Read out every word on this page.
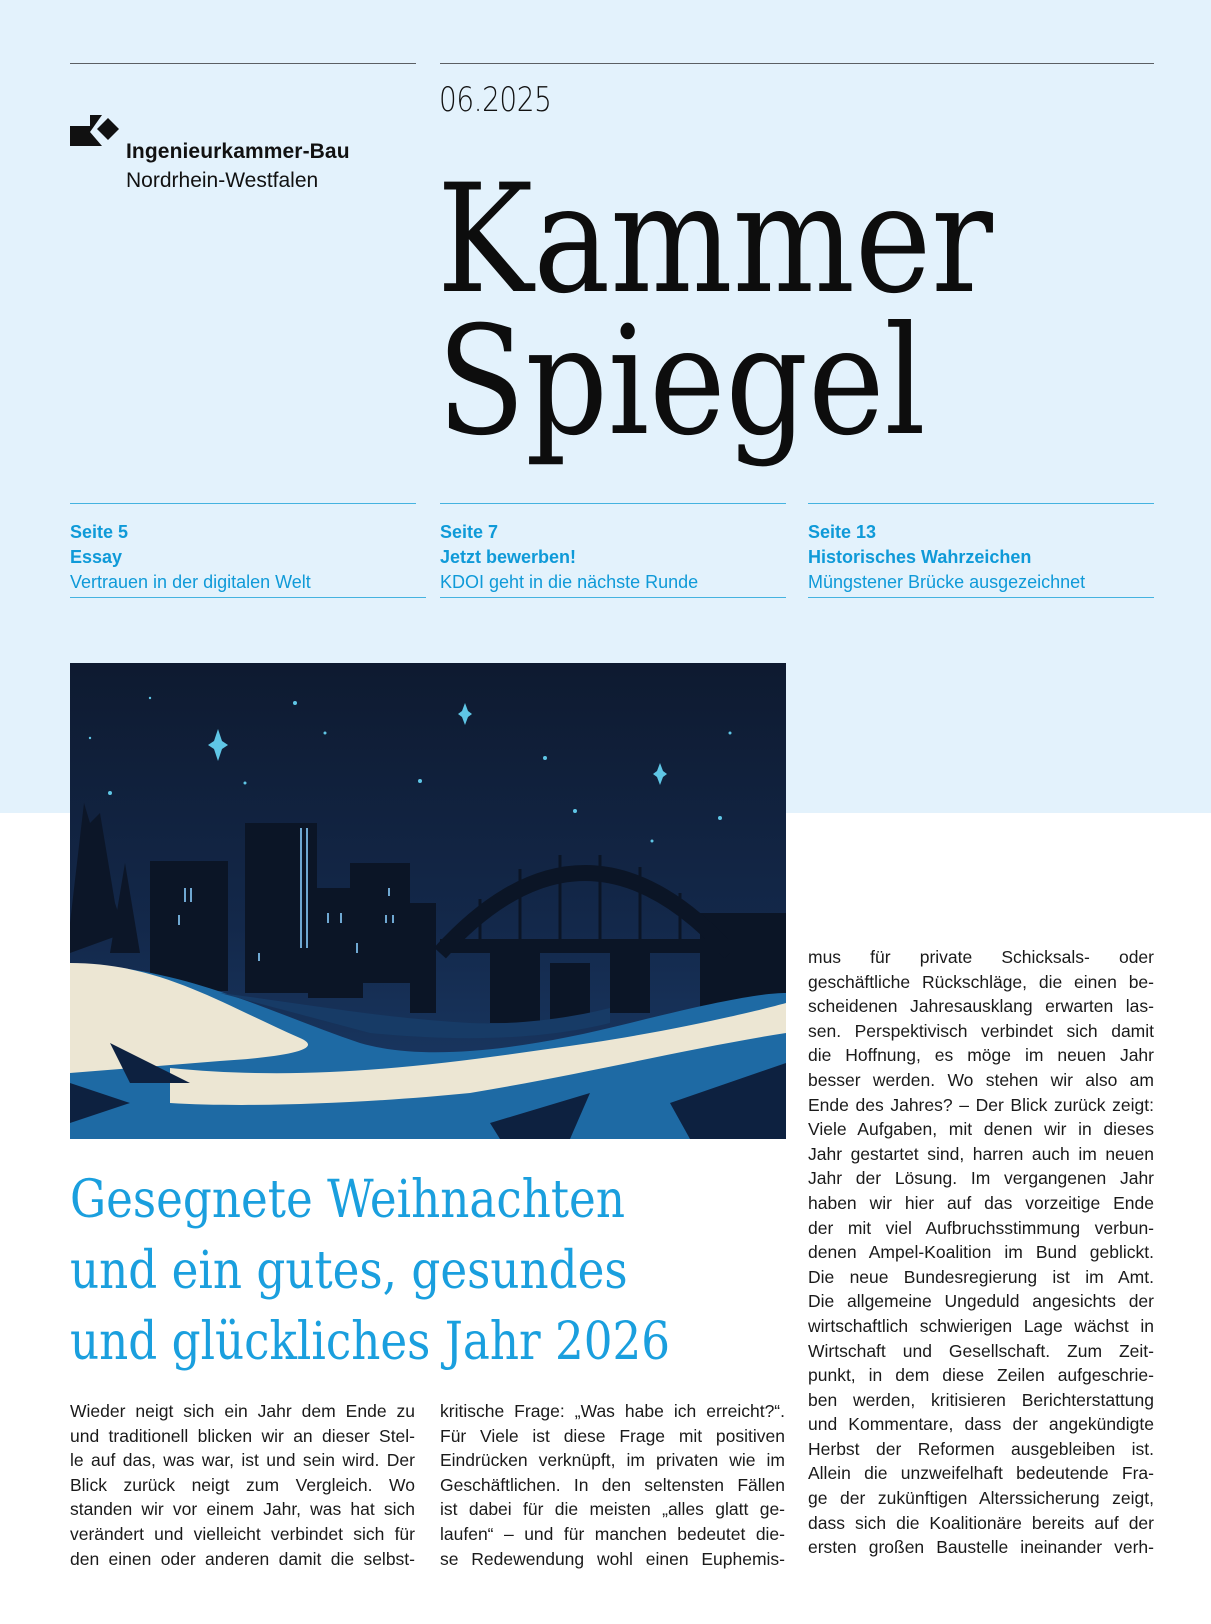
Ingenieurkammer-Bau
Nordrhein-Westfalen
06.2025
Kammer
Spiegel
Seite 5
Essay
Vertrauen in der digitalen Welt
Seite 7
Jetzt bewerben!
KDOI geht in die nächste Runde
Seite 13
Historisches Wahrzeichen
Müngstener Brücke ausgezeichnet
Gesegnete Weihnachten
und ein gutes, gesundes
und glückliches Jahr 2026
Wieder neigt sich ein Jahr dem Ende zu
und traditionell blicken wir an dieser Stel-
le auf das, was war, ist und sein wird. Der
Blick zurück neigt zum Vergleich. Wo
standen wir vor einem Jahr, was hat sich
verändert und vielleicht verbindet sich für
den einen oder anderen damit die selbst-
kritische Frage: „Was habe ich erreicht?“.
Für Viele ist diese Frage mit positiven
Eindrücken verknüpft, im privaten wie im
Geschäftlichen. In den seltensten Fällen
ist dabei für die meisten „alles glatt ge-
laufen“ – und für manchen bedeutet die-
se Redewendung wohl einen Euphemis-
mus für private Schicksals- oder
geschäftliche Rückschläge, die einen be-
scheidenen Jahresausklang erwarten las-
sen. Perspektivisch verbindet sich damit
die Hoffnung, es möge im neuen Jahr
besser werden. Wo stehen wir also am
Ende des Jahres? – Der Blick zurück zeigt:
Viele Aufgaben, mit denen wir in dieses
Jahr gestartet sind, harren auch im neuen
Jahr der Lösung. Im vergangenen Jahr
haben wir hier auf das vorzeitige Ende
der mit viel Aufbruchsstimmung verbun-
denen Ampel-Koalition im Bund geblickt.
Die neue Bundesregierung ist im Amt.
Die allgemeine Ungeduld angesichts der
wirtschaftlich schwierigen Lage wächst in
Wirtschaft und Gesellschaft. Zum Zeit-
punkt, in dem diese Zeilen aufgeschrie-
ben werden, kritisieren Berichterstattung
und Kommentare, dass der angekündigte
Herbst der Reformen ausgebleiben ist.
Allein die unzweifelhaft bedeutende Fra-
ge der zukünftigen Alterssicherung zeigt,
dass sich die Koalitionäre bereits auf der
ersten großen Baustelle ineinander verh-
